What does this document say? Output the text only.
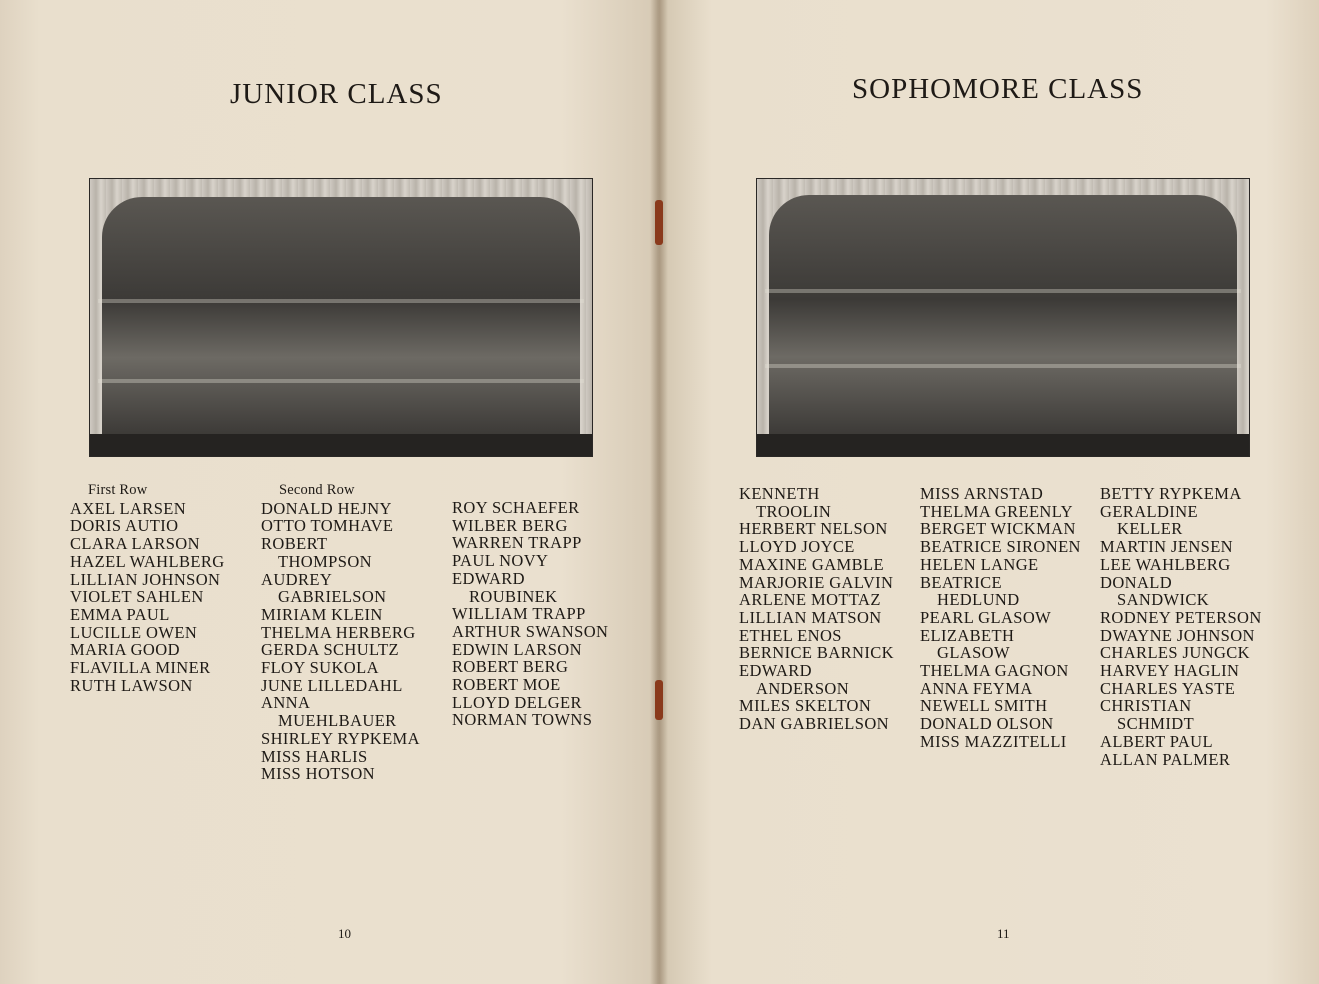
JUNIOR CLASS
First Row
AXEL LARSEN
DORIS AUTIO
CLARA LARSON
HAZEL WAHLBERG
LILLIAN JOHNSON
VIOLET SAHLEN
EMMA PAUL
LUCILLE OWEN
MARIA GOOD
FLAVILLA MINER
RUTH LAWSON
Second Row
DONALD HEJNY
OTTO TOMHAVE
ROBERT
THOMPSON
AUDREY
GABRIELSON
MIRIAM KLEIN
THELMA HERBERG
GERDA SCHULTZ
FLOY SUKOLA
JUNE LILLEDAHL
ANNA
MUEHLBAUER
SHIRLEY RYPKEMA
MISS HARLIS
MISS HOTSON
ROY SCHAEFER
WILBER BERG
WARREN TRAPP
PAUL NOVY
EDWARD
ROUBINEK
WILLIAM TRAPP
ARTHUR SWANSON
EDWIN LARSON
ROBERT BERG
ROBERT MOE
LLOYD DELGER
NORMAN TOWNS
10
SOPHOMORE CLASS
KENNETH
TROOLIN
HERBERT NELSON
LLOYD JOYCE
MAXINE GAMBLE
MARJORIE GALVIN
ARLENE MOTTAZ
LILLIAN MATSON
ETHEL ENOS
BERNICE BARNICK
EDWARD
ANDERSON
MILES SKELTON
DAN GABRIELSON
MISS ARNSTAD
THELMA GREENLY
BERGET WICKMAN
BEATRICE SIRONEN
HELEN LANGE
BEATRICE
HEDLUND
PEARL GLASOW
ELIZABETH
GLASOW
THELMA GAGNON
ANNA FEYMA
NEWELL SMITH
DONALD OLSON
MISS MAZZITELLI
BETTY RYPKEMA
GERALDINE
KELLER
MARTIN JENSEN
LEE WAHLBERG
DONALD
SANDWICK
RODNEY PETERSON
DWAYNE JOHNSON
CHARLES JUNGCK
HARVEY HAGLIN
CHARLES YASTE
CHRISTIAN
SCHMIDT
ALBERT PAUL
ALLAN PALMER
11
